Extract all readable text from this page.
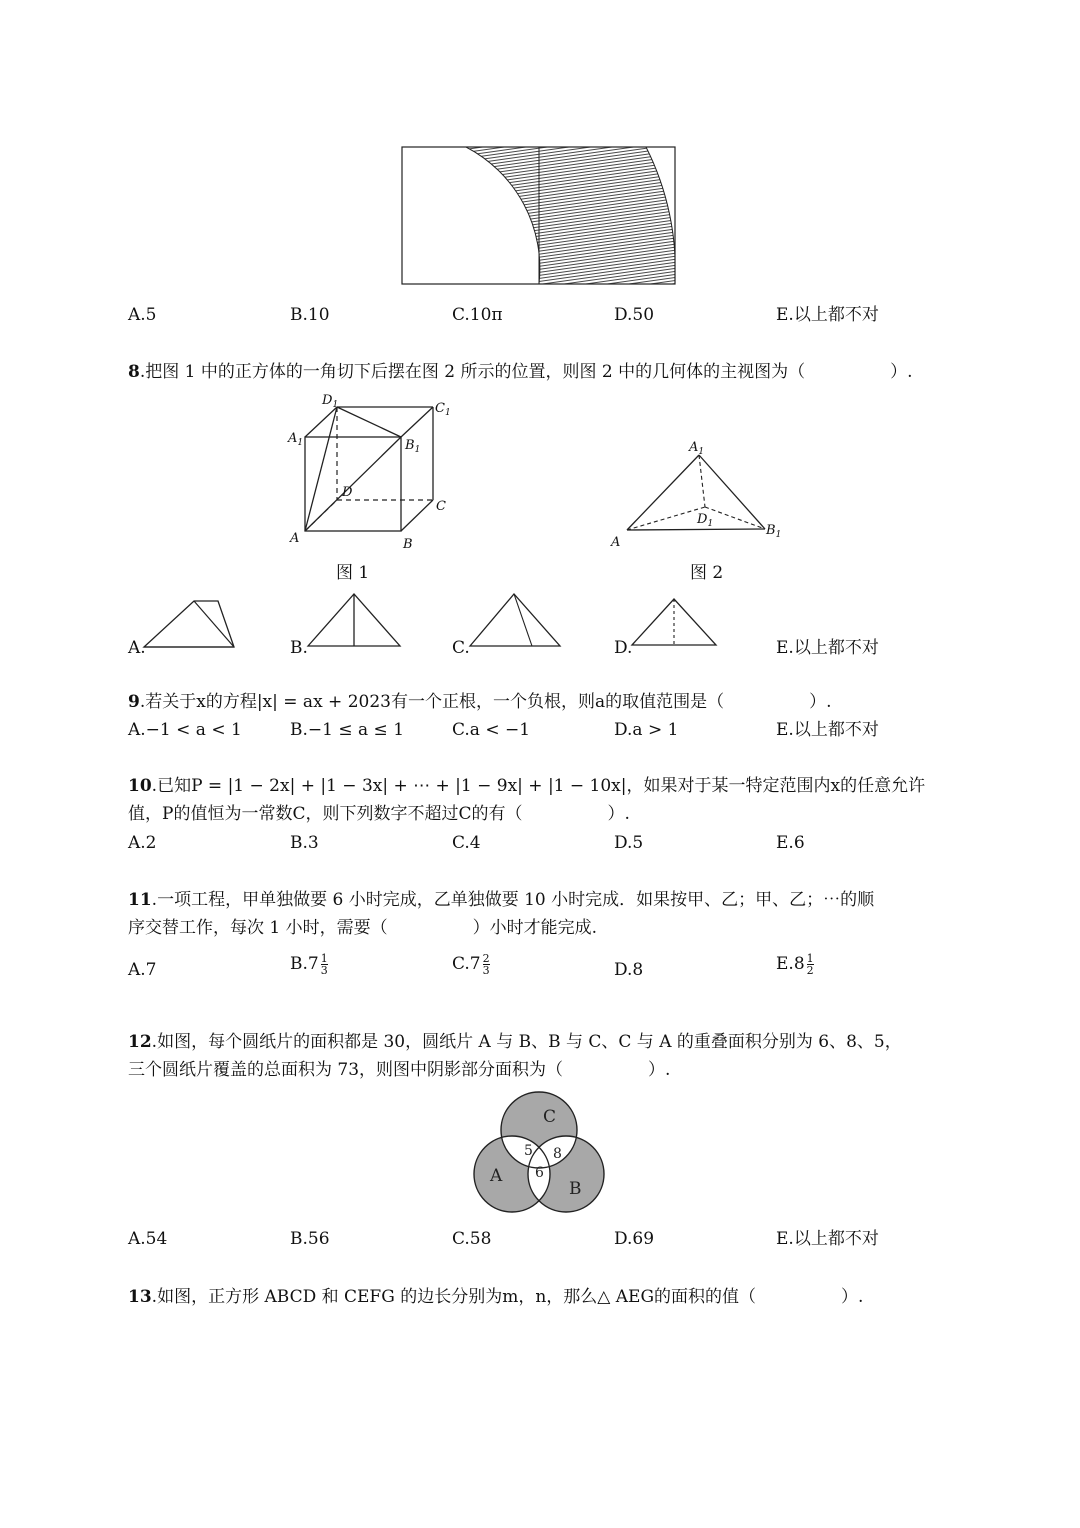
A.5	B.10	C.10π	D.50	E.以上都不对
8.把图 1 中的正方体的一角切下后摆在图 2 所示的位置，则图 2 中的几何体的主视图为（　　　　　）.
$D_1$	$C_1$
$A_1$	$B_1$
D
C
A	B
图 1
$A_1$
$D_1$	$B_1$
A
图 2
A.	B.	C.	D.	E.以上都不对
9.若关于x的方程|x| = ax + 2023有一个正根，一个负根，则a的取值范围是（　　　　　）.
A.−1 < a < 1	B.−1 ≤ a ≤ 1	C.a < −1	D.a > 1	E.以上都不对
10.已知P = |1 − 2x| + |1 − 3x| + ⋯ + |1 − 9x| + |1 − 10x|，如果对于某一特定范围内x的任意允许
值，P的值恒为一常数C，则下列数字不超过C的有（　　　　　）.
A.2	B.3	C.4	D.5	E.6
11.一项工程，甲单独做要 6 小时完成，乙单独做要 10 小时完成．如果按甲、乙；甲、乙；⋯的顺
序交替工作，每次 1 小时，需要（　　　　　）小时才能完成.
A.7	$B.7 \frac{1}{3}$	$C.7 \frac{2}{3}$	D.8	$E.8 \frac{1}{2}$
12.如图，每个圆纸片的面积都是 30，圆纸片 A 与 B、B 与 C、C 与 A 的重叠面积分别为 6、8、5，
三个圆纸片覆盖的总面积为 73，则图中阴影部分面积为（　　　　　）.
C
A
B
5 8
6
A.54	B.56	C.58	D.69	E.以上都不对
13.如图，正方形 ABCD 和 CEFG 的边长分别为m，n，那么△ AEG的面积的值（　　　　　）.
